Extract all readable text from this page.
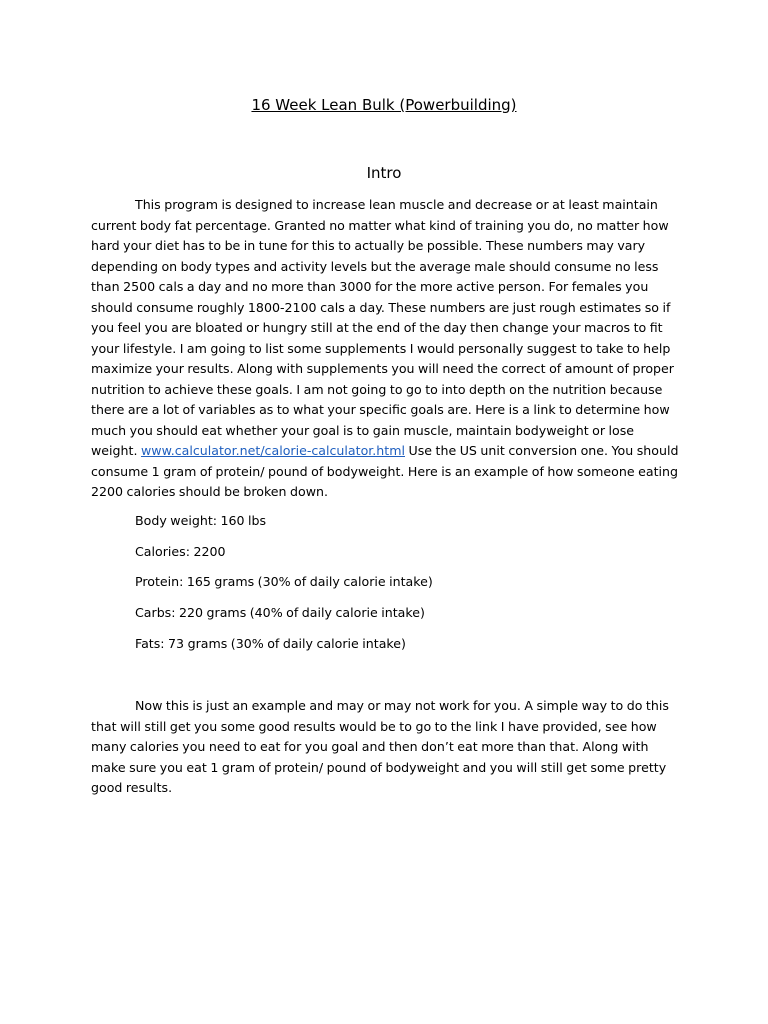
16 Week Lean Bulk (Powerbuilding)
Intro

This program is designed to increase lean muscle and decrease or at least maintain current body fat percentage. Granted no matter what kind of training you do, no matter how hard your diet has to be in tune for this to actually be possible. These numbers may vary depending on body types and activity levels but the average male should consume no less than 2500 cals a day and no more than 3000 for the more active person. For females you should consume roughly 1800-2100 cals a day. These numbers are just rough estimates so if you feel you are bloated or hungry still at the end of the day then change your macros to fit your lifestyle. I am going to list some supplements I would personally suggest to take to help maximize your results. Along with supplements you will need the correct of amount of proper nutrition to achieve these goals. I am not going to go to into depth on the nutrition because there are a lot of variables as to what your specific goals are. Here is a link to determine how much you should eat whether your goal is to gain muscle, maintain bodyweight or lose weight. www.calculator.net/calorie-calculator.html Use the US unit conversion one. You should consume 1 gram of protein/ pound of bodyweight. Here is an example of how someone eating 2200 calories should be broken down.

Body weight: 160 lbs
Calories: 2200
Protein: 165 grams (30% of daily calorie intake)
Carbs: 220 grams (40% of daily calorie intake)
Fats: 73 grams (30% of daily calorie intake)

Now this is just an example and may or may not work for you. A simple way to do this that will still get you some good results would be to go to the link I have provided, see how many calories you need to eat for you goal and then don’t eat more than that. Along with make sure you eat 1 gram of protein/ pound of bodyweight and you will still get some pretty good results.
